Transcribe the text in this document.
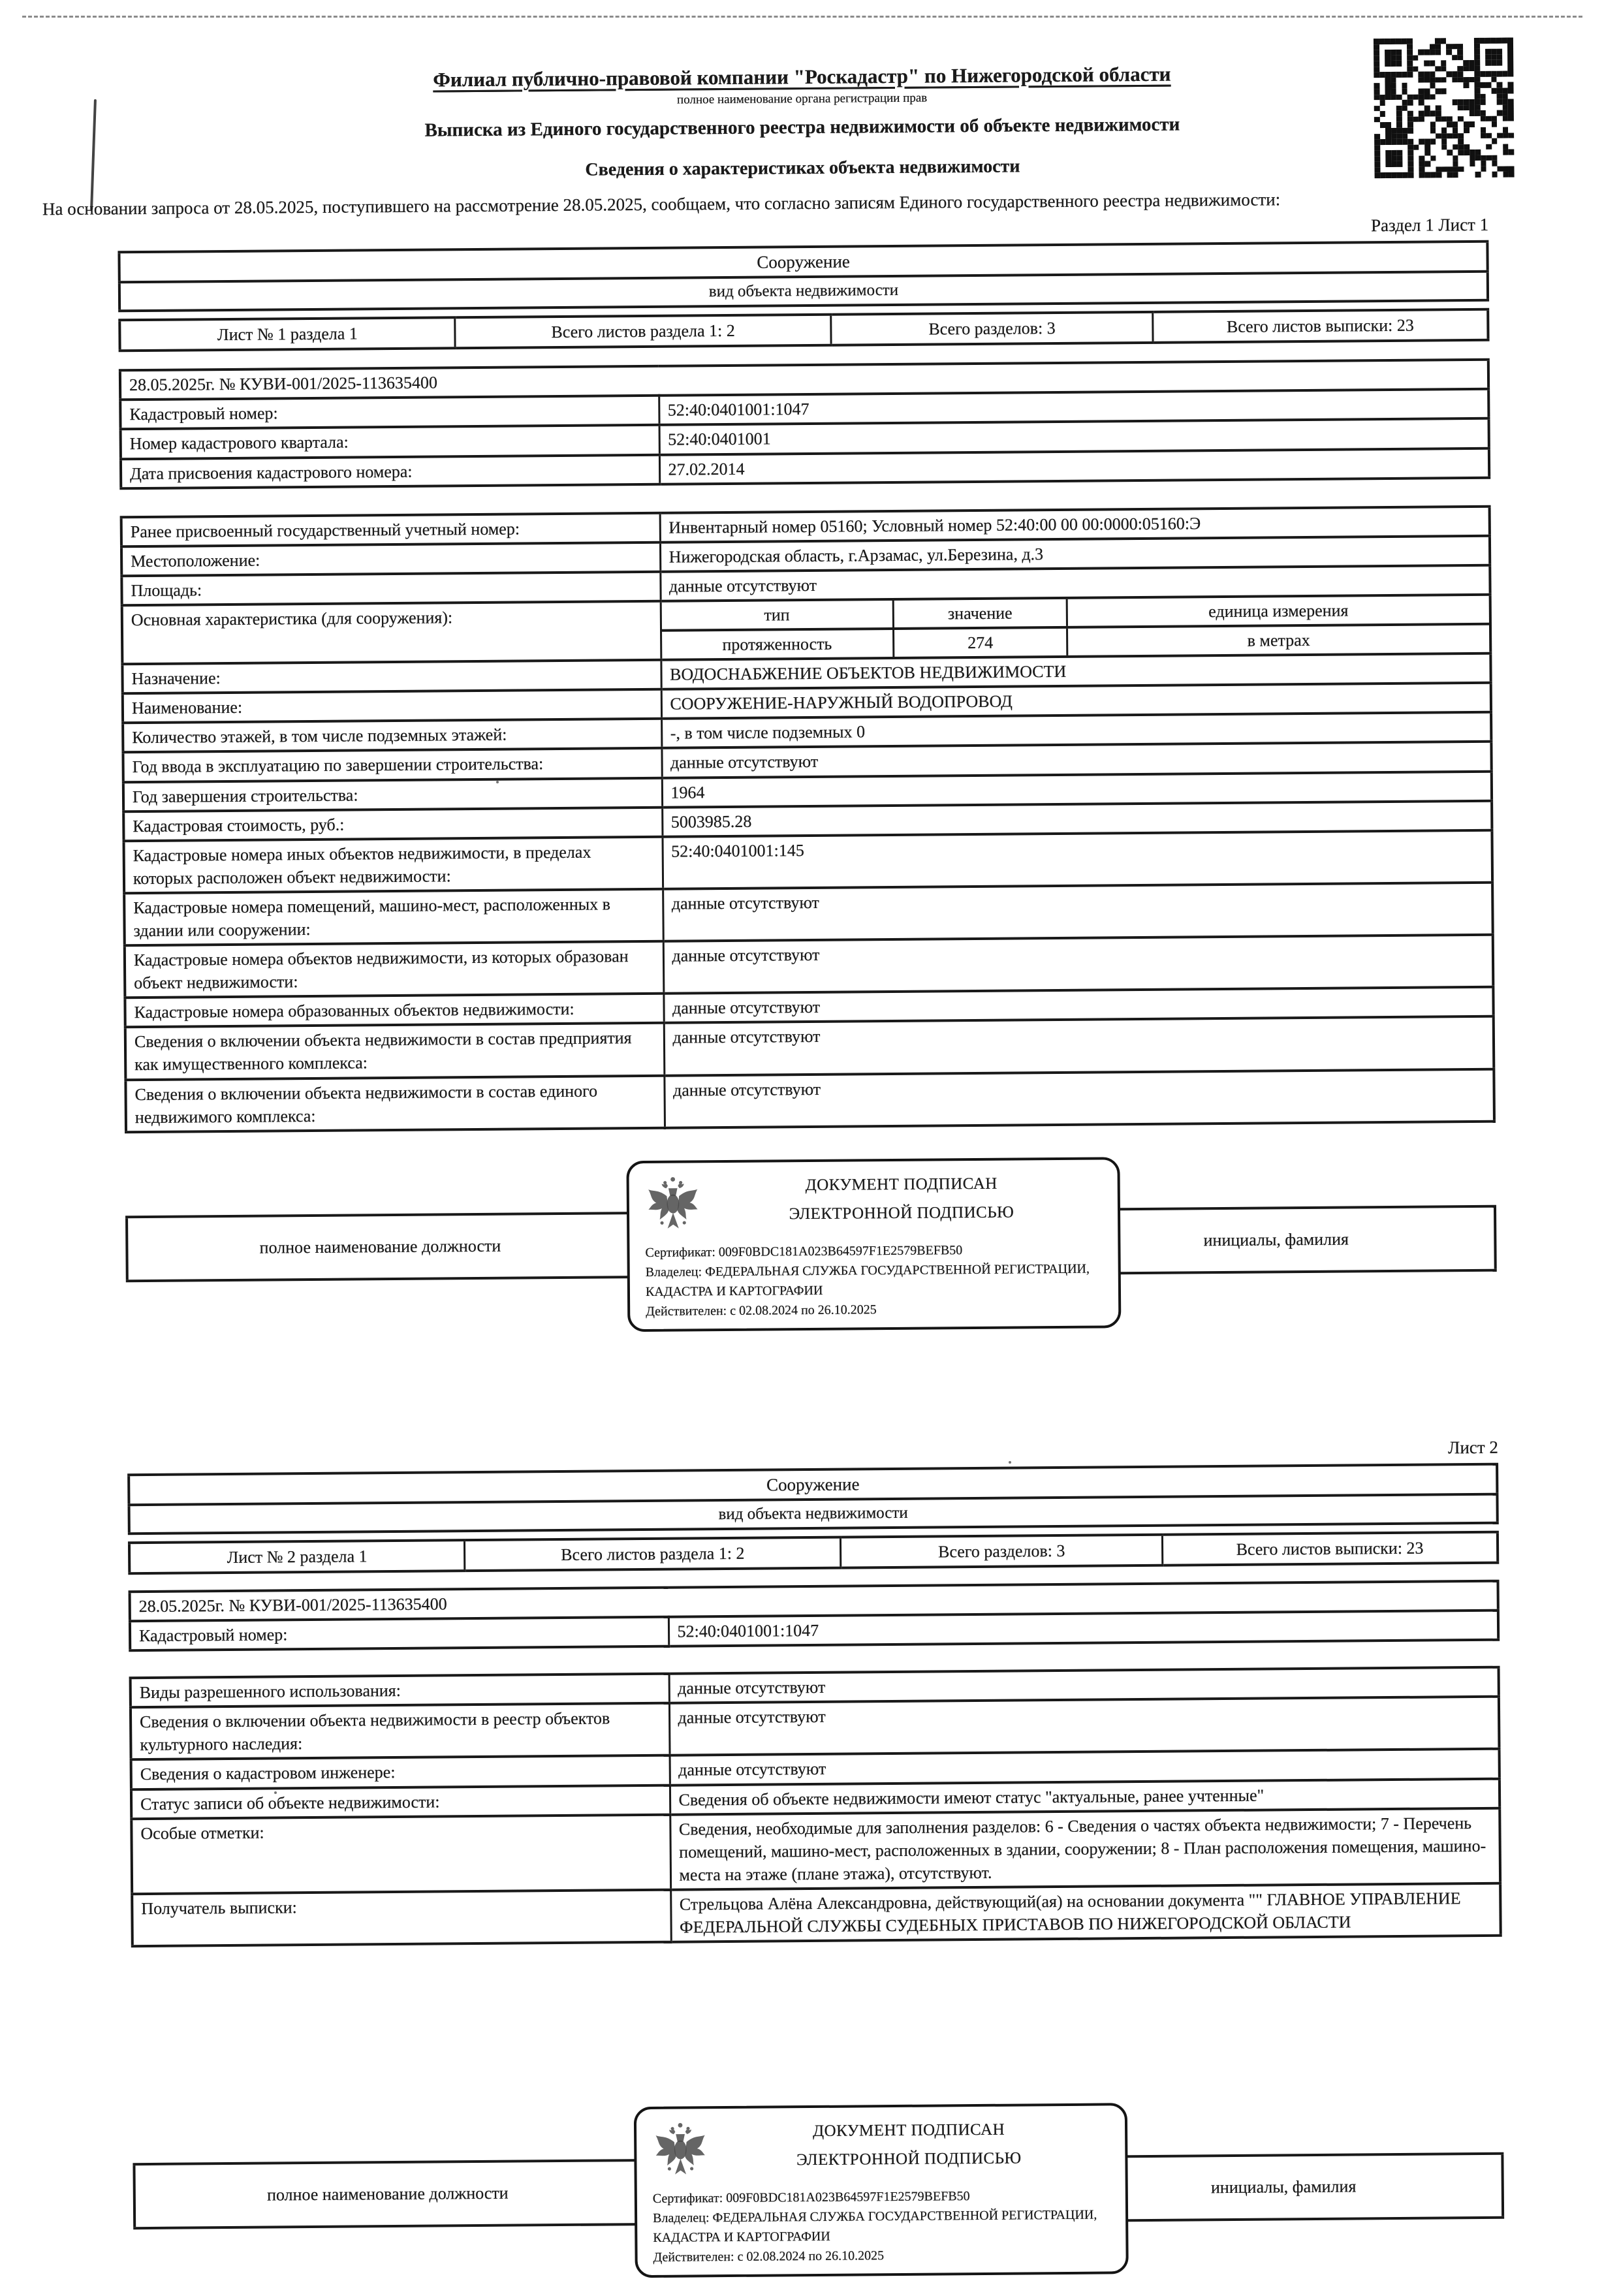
Филиал публично-правовой компании "Роскадастр" по Нижегородской области
полное наименование органа регистрации прав
Выписка из Единого государственного реестра недвижимости об объекте недвижимости
Сведения о характеристиках объекта недвижимости
На основании запроса от 28.05.2025, поступившего на рассмотрение 28.05.2025, сообщаем, что согласно записям Единого государственного реестра недвижимости:
Раздел 1 Лист 1
Сооружение
вид объекта недвижимости
Лист № 1 раздела 1	Всего листов раздела 1: 2	Всего разделов: 3	Всего листов выписки: 23
28.05.2025г. № КУВИ-001/2025-113635400	
Кадастровый номер:	52:40:0401001:1047
Номер кадастрового квартала:	52:40:0401001
Дата присвоения кадастрового номера:	27.02.2014
Ранее присвоенный государственный учетный номер:	Инвентарный номер 05160; Условный номер 52:40:00 00 00:0000:05160:Э
Местоположение:	Нижегородская область, г.Арзамас, ул.Березина, д.3
Площадь:	данные отсутствуют
Основная характеристика (для сооружения):		тип	значение	единица измерения
протяженность	274	в метрах

Назначение:	ВОДОСНАБЖЕНИЕ ОБЪЕКТОВ НЕДВИЖИМОСТИ
Наименование:	СООРУЖЕНИЕ-НАРУЖНЫЙ ВОДОПРОВОД
Количество этажей, в том числе подземных этажей:	-, в том числе подземных 0
Год ввода в эксплуатацию по завершении строительства:	данные отсутствуют
Год завершения строительства:	1964
Кадастровая стоимость, руб.:	5003985.28
Кадастровые номера иных объектов недвижимости, в пределах которых расположен объект недвижимости:	52:40:0401001:145
Кадастровые номера помещений, машино-мест, расположенных в здании или сооружении:	данные отсутствуют
Кадастровые номера объектов недвижимости, из которых образован объект недвижимости:	данные отсутствуют
Кадастровые номера образованных объектов недвижимости:	данные отсутствуют
Сведения о включении объекта недвижимости в состав предприятия как имущественного комплекса:	данные отсутствуют
Сведения о включении объекта недвижимости в состав единого недвижимого комплекса:	данные отсутствуют
полное наименование должности		инициалы, фамилия
ДОКУМЕНТ ПОДПИСАН
ЭЛЕКТРОННОЙ ПОДПИСЬЮ
Сертификат: 009F0BDC181A023B64597F1E2579BEFB50
Владелец: ФЕДЕРАЛЬНАЯ СЛУЖБА ГОСУДАРСТВЕННОЙ РЕГИСТРАЦИИ, КАДАСТРА И КАРТОГРАФИИ
Действителен: с 02.08.2024 по 26.10.2025
Лист 2
Сооружение
вид объекта недвижимости
Лист № 2 раздела 1	Всего листов раздела 1: 2	Всего разделов: 3	Всего листов выписки: 23
28.05.2025г. № КУВИ-001/2025-113635400
Кадастровый номер:	52:40:0401001:1047
Виды разрешенного использования:	данные отсутствуют
Сведения о включении объекта недвижимости в реестр объектов культурного наследия:	данные отсутствуют
Сведения о кадастровом инженере:	данные отсутствуют
Статус записи об объекте недвижимости:	Сведения об объекте недвижимости имеют статус "актуальные, ранее учтенные"
Особые отметки:	Сведения, необходимые для заполнения разделов: 6 - Сведения о частях объекта недвижимости; 7 - Перечень помещений, машино-мест, расположенных в здании, сооружении; 8 - План расположения помещения, машино-места на этаже (плане этажа), отсутствуют.
Получатель выписки:	Стрельцова Алёна Александровна, действующий(ая) на основании документа "" ГЛАВНОЕ УПРАВЛЕНИЕ ФЕДЕРАЛЬНОЙ СЛУЖБЫ СУДЕБНЫХ ПРИСТАВОВ ПО НИЖЕГОРОДСКОЙ ОБЛАСТИ
полное наименование должности		инициалы, фамилия
ДОКУМЕНТ ПОДПИСАН
ЭЛЕКТРОННОЙ ПОДПИСЬЮ
Сертификат: 009F0BDC181A023B64597F1E2579BEFB50
Владелец: ФЕДЕРАЛЬНАЯ СЛУЖБА ГОСУДАРСТВЕННОЙ РЕГИСТРАЦИИ, КАДАСТРА И КАРТОГРАФИИ
Действителен: с 02.08.2024 по 26.10.2025
